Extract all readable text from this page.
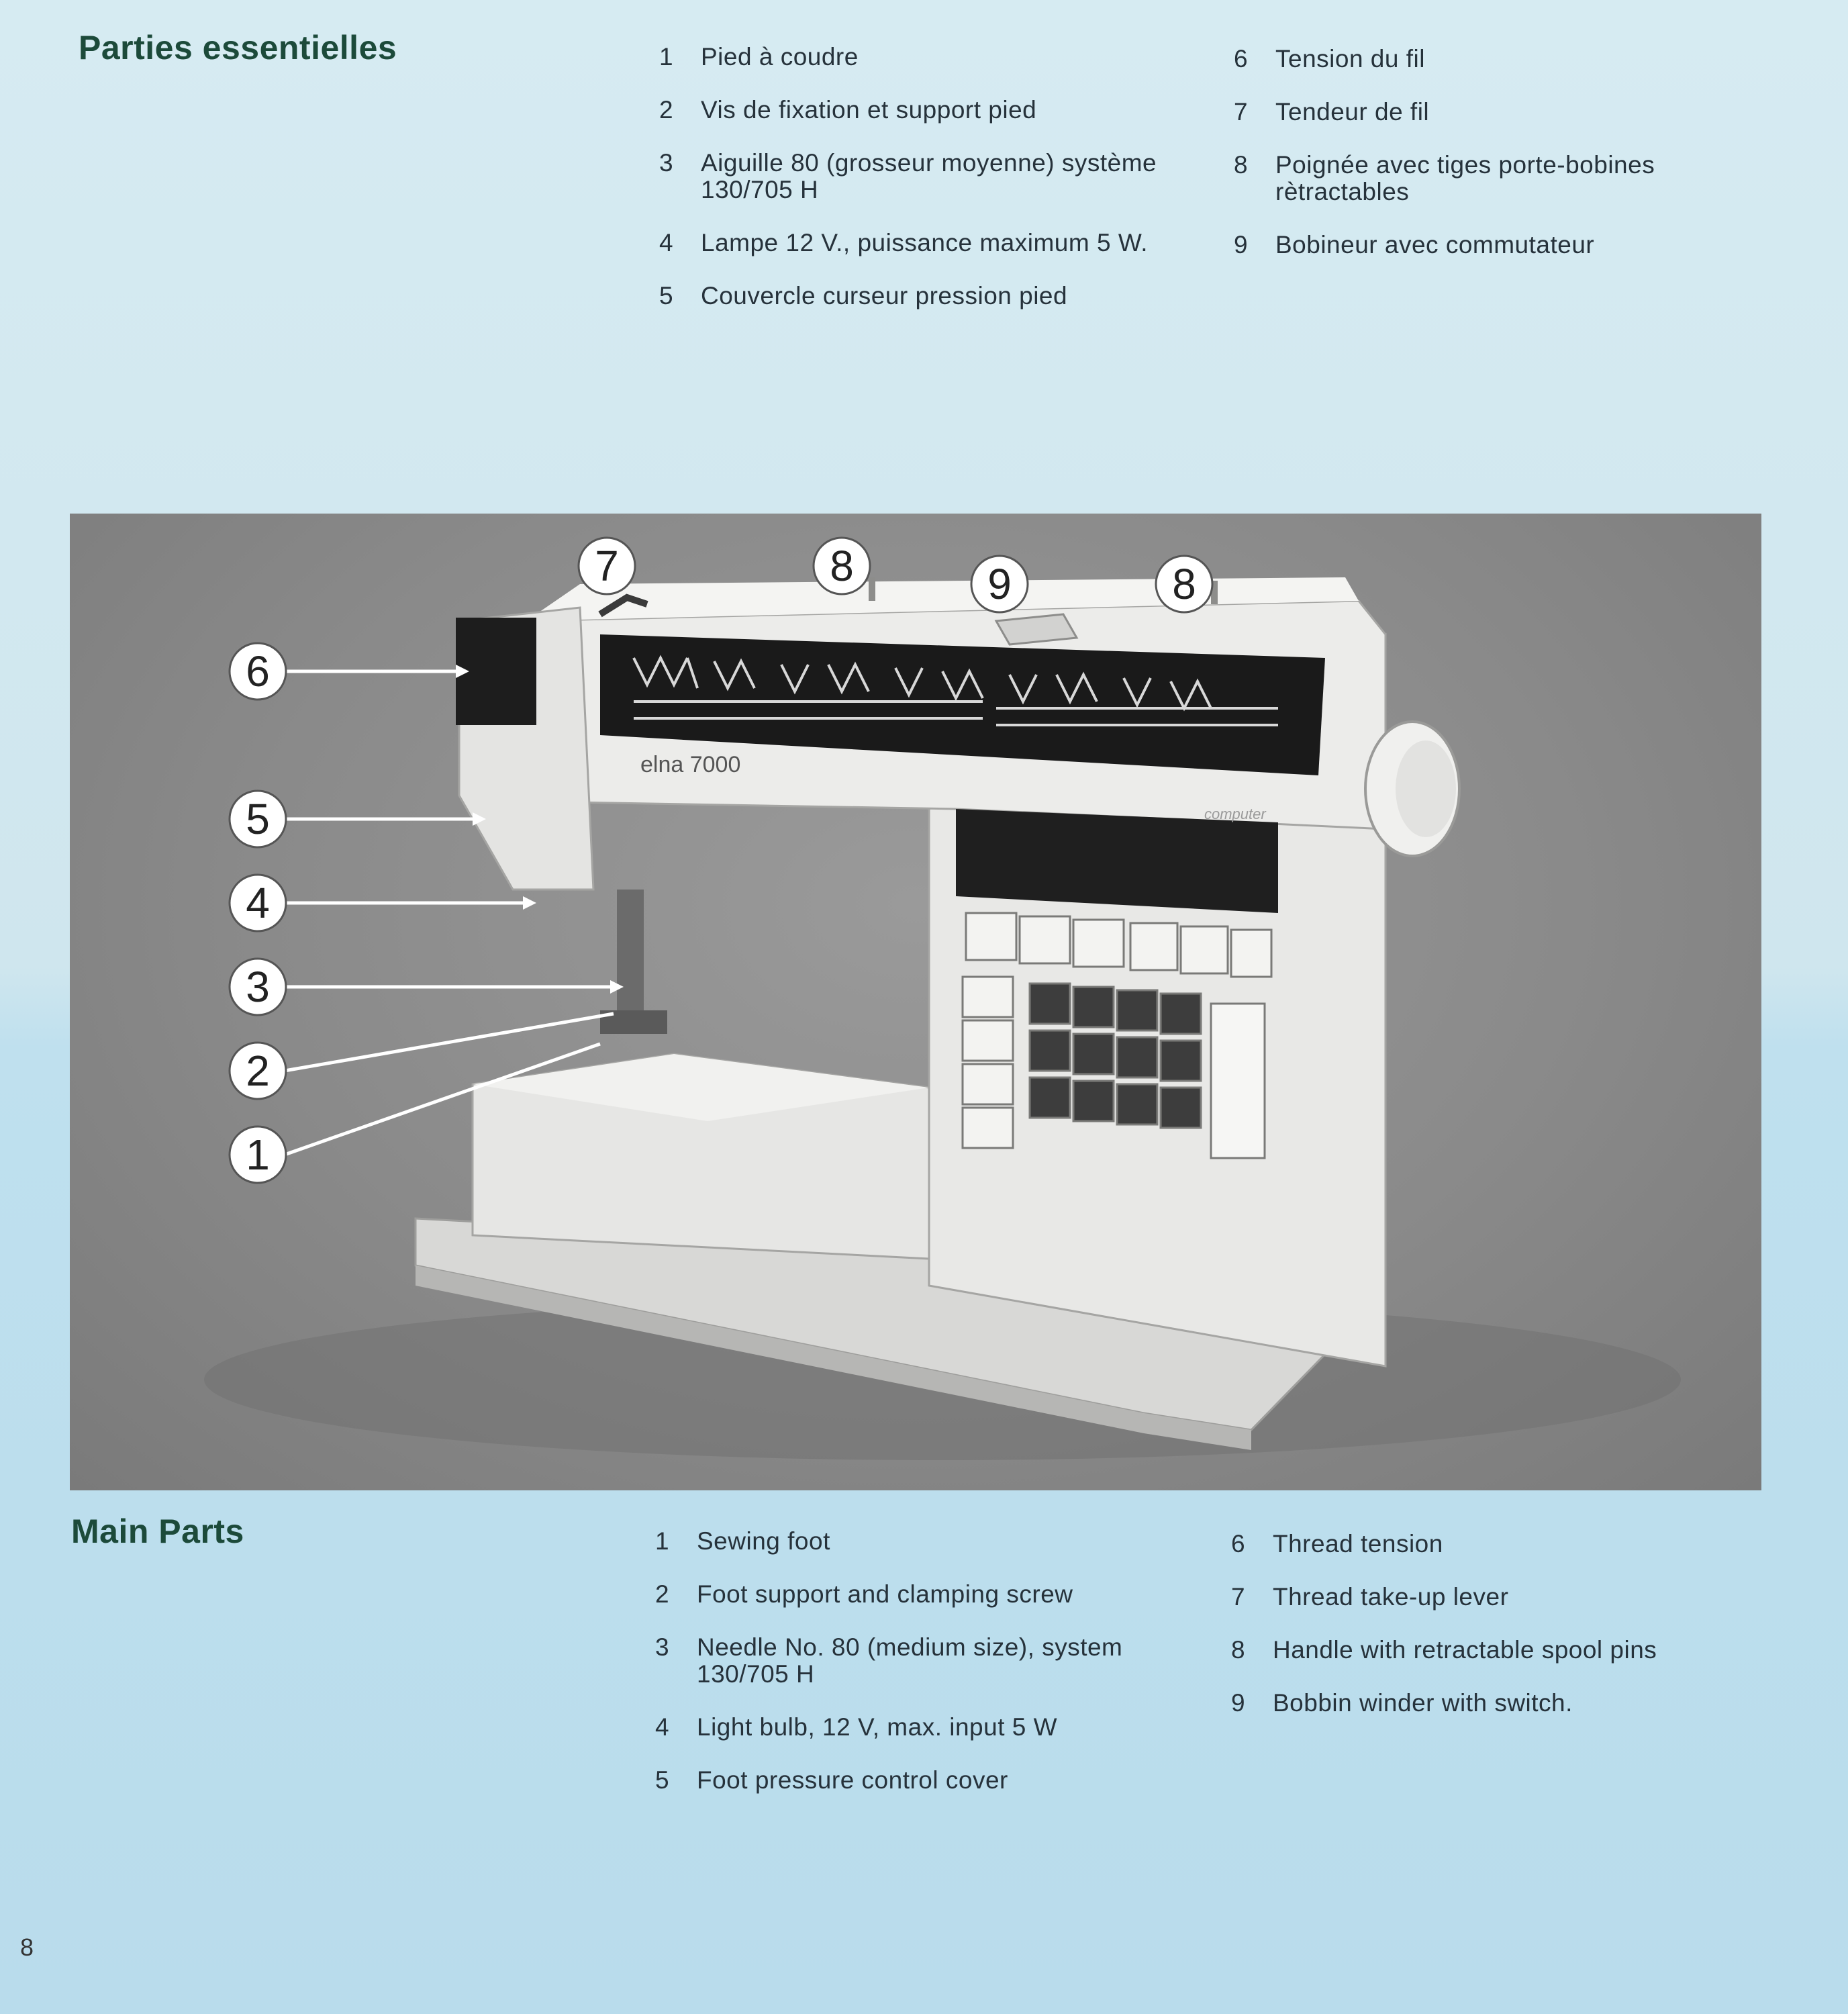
Parties essentielles	1	Pied à coudre
2	Vis de fixation et support pied
3	Aiguille 80 (grosseur moyenne) système 130/705 H
4	Lampe 12 V., puissance maximum 5 W.
5	Couvercle curseur pression pied
6	Tension du fil
7	Tendeur de fil
8	Poignée avec tiges porte-bobines rètractables
9	Bobineur avec commutateur
elna 7000
computer
7	8	9	8
6
5
4
3
2
1
Main Parts	1	Sewing foot
2	Foot support and clamping screw
3	Needle No. 80 (medium size), system 130/705 H
4	Light bulb, 12 V, max. input 5 W
5	Foot pressure control cover
6	Thread tension
7	Thread take-up lever
8	Handle with retractable spool pins
9	Bobbin winder with switch.
8
